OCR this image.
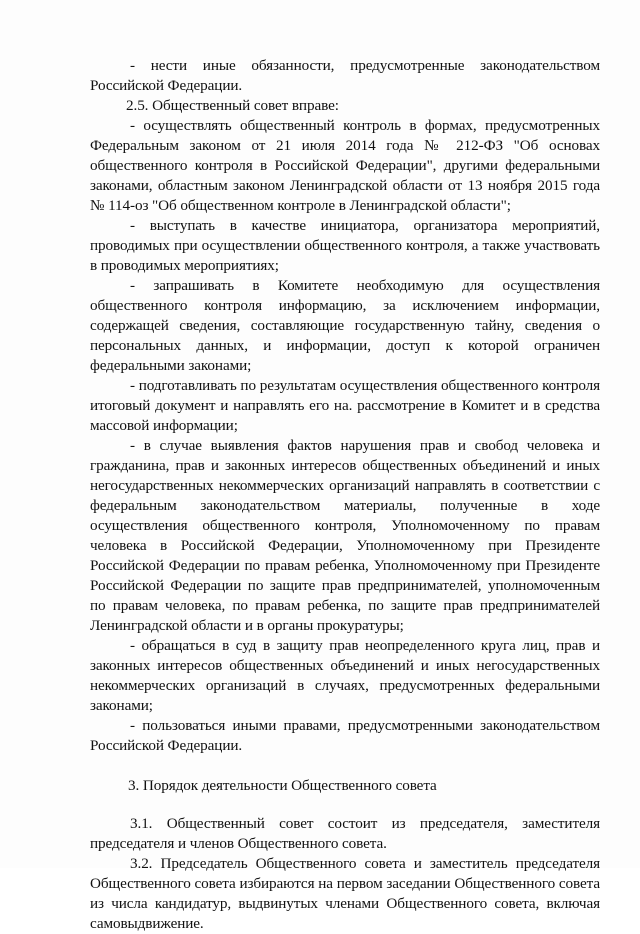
- нести иные обязанности, предусмотренные законодательством Российской Федерации.

2.5. Общественный совет вправе:

- осуществлять общественный контроль в формах, предусмотренных Федеральным законом от 21 июля 2014 года № 212-ФЗ "Об основах общественного контроля в Российской Федерации", другими федеральными законами, областным законом Ленинградской области от 13 ноября 2015 года № 114-оз "Об общественном контроле в Ленинградской области";

- выступать в качестве инициатора, организатора мероприятий, проводимых при осуществлении общественного контроля, а также участвовать в проводимых мероприятиях;

- запрашивать в Комитете необходимую для осуществления общественного контроля информацию, за исключением информации, содержащей сведения, составляющие государственную тайну, сведения о персональных данных, и информации, доступ к которой ограничен федеральными законами;

- подготавливать по результатам осуществления общественного контроля итоговый документ и направлять его на. рассмотрение в Комитет и в средства массовой информации;

- в случае выявления фактов нарушения прав и свобод человека и гражданина, прав и законных интересов общественных объединений и иных негосударственных некоммерческих организаций направлять в соответствии с федеральным законодательством материалы, полученные в ходе осуществления общественного контроля, Уполномоченному по правам человека в Российской Федерации, Уполномоченному при Президенте Российской Федерации по правам ребенка, Уполномоченному при Президенте Российской Федерации по защите прав предпринимателей, уполномоченным по правам человека, по правам ребенка, по защите прав предпринимателей Ленинградской области и в органы прокуратуры;

- обращаться в суд в защиту прав неопределенного круга лиц, прав и законных интересов общественных объединений и иных негосударственных некоммерческих организаций в случаях, предусмотренных федеральными законами;

- пользоваться иными правами, предусмотренными законодательством Российской Федерации.

3. Порядок деятельности Общественного совета

3.1. Общественный совет состоит из председателя, заместителя председателя и членов Общественного совета.

3.2. Председатель Общественного совета и заместитель председателя Общественного совета избираются на первом заседании Общественного совета из числа кандидатур, выдвинутых членами Общественного совета, включая самовыдвижение.
